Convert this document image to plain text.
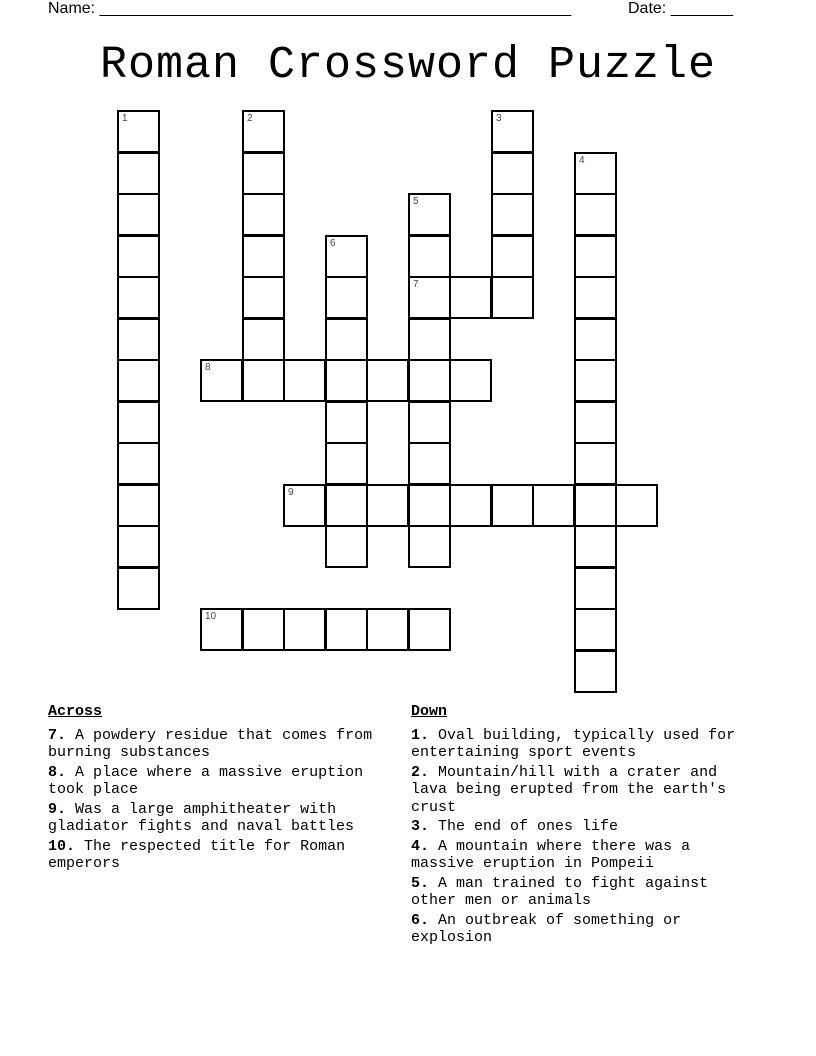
Name: _____________________________________________________	Date: _______
Roman Crossword Puzzle
1	2	3
4
5
7
6
8
9
10
Across
7. A powdery residue that comes from burning substances
8. A place where a massive eruption took place
9. Was a large amphitheater with gladiator fights and naval battles
10. The respected title for Roman emperors
Down
1. Oval building, typically used for entertaining sport events
2. Mountain/hill with a crater and lava being erupted from the earth's crust
3. The end of ones life
4. A mountain where there was a massive eruption in Pompeii
5. A man trained to fight against other men or animals
6. An outbreak of something or explosion
